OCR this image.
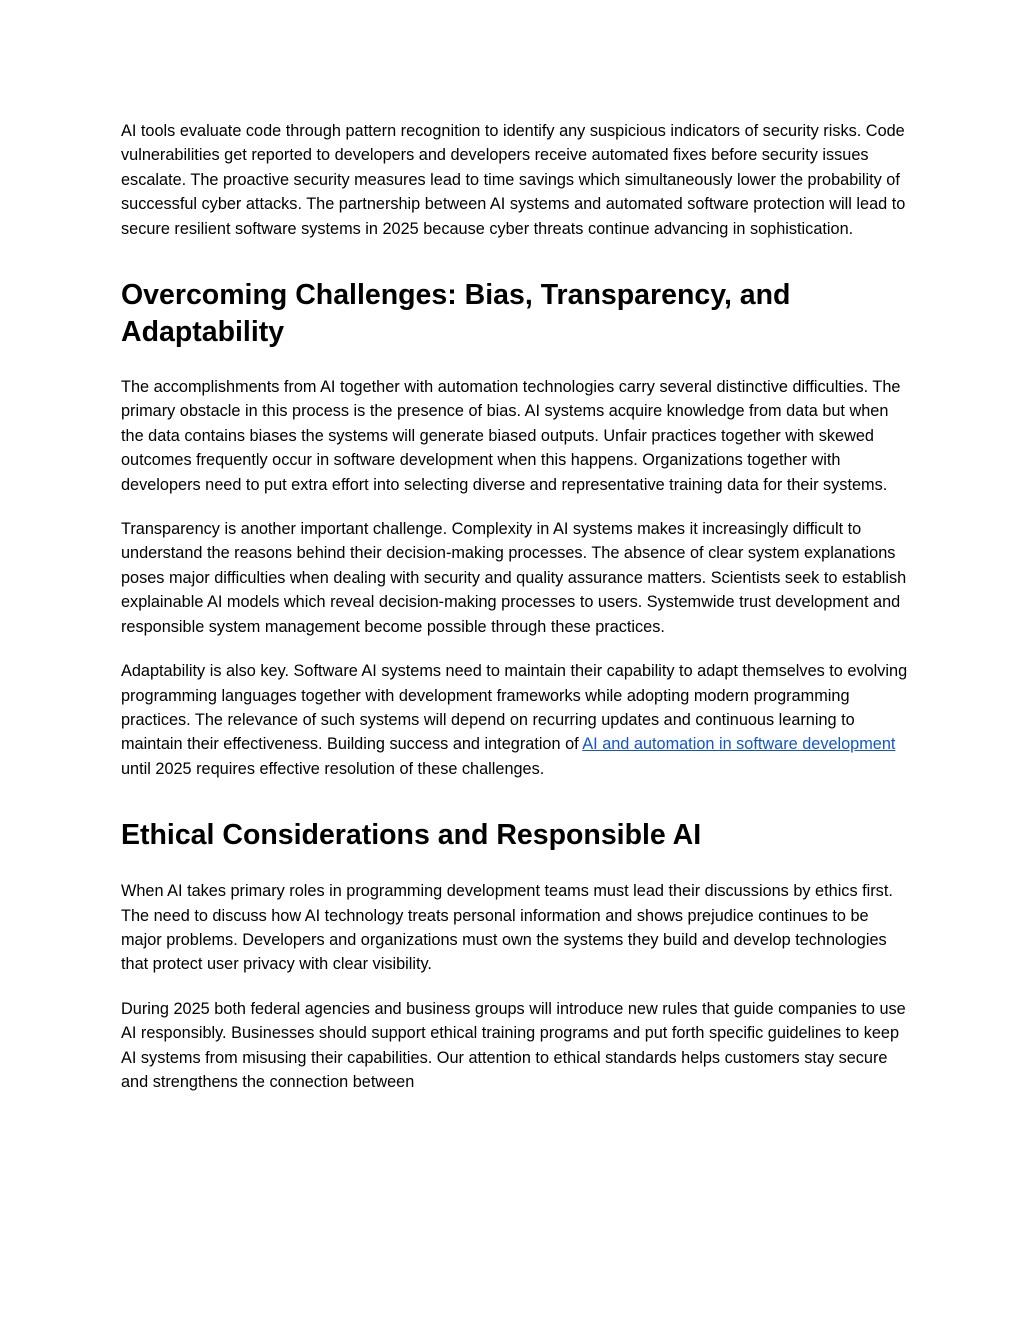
AI tools evaluate code through pattern recognition to identify any suspicious indicators of security risks. Code vulnerabilities get reported to developers and developers receive automated fixes before security issues escalate. The proactive security measures lead to time savings which simultaneously lower the probability of successful cyber attacks. The partnership between AI systems and automated software protection will lead to secure resilient software systems in 2025 because cyber threats continue advancing in sophistication.

Overcoming Challenges: Bias, Transparency, and Adaptability

The accomplishments from AI together with automation technologies carry several distinctive difficulties. The primary obstacle in this process is the presence of bias. AI systems acquire knowledge from data but when the data contains biases the systems will generate biased outputs. Unfair practices together with skewed outcomes frequently occur in software development when this happens. Organizations together with developers need to put extra effort into selecting diverse and representative training data for their systems.

Transparency is another important challenge. Complexity in AI systems makes it increasingly difficult to understand the reasons behind their decision-making processes. The absence of clear system explanations poses major difficulties when dealing with security and quality assurance matters. Scientists seek to establish explainable AI models which reveal decision-making processes to users. Systemwide trust development and responsible system management become possible through these practices.

Adaptability is also key. Software AI systems need to maintain their capability to adapt themselves to evolving programming languages together with development frameworks while adopting modern programming practices. The relevance of such systems will depend on recurring updates and continuous learning to maintain their effectiveness. Building success and integration of AI and automation in software development until 2025 requires effective resolution of these challenges.

Ethical Considerations and Responsible AI

When AI takes primary roles in programming development teams must lead their discussions by ethics first. The need to discuss how AI technology treats personal information and shows prejudice continues to be major problems. Developers and organizations must own the systems they build and develop technologies that protect user privacy with clear visibility.

During 2025 both federal agencies and business groups will introduce new rules that guide companies to use AI responsibly. Businesses should support ethical training programs and put forth specific guidelines to keep AI systems from misusing their capabilities. Our attention to ethical standards helps customers stay secure and strengthens the connection between
